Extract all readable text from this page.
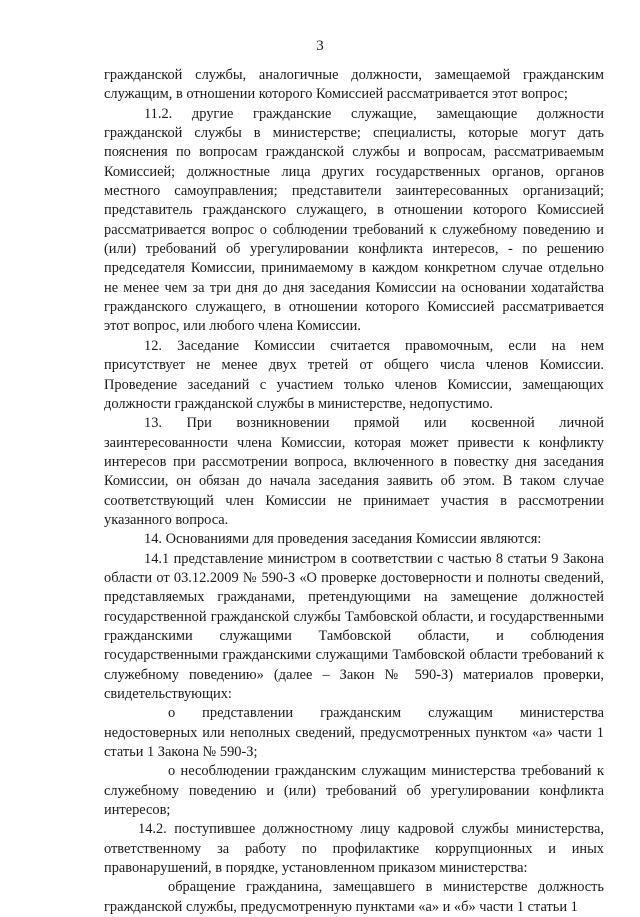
3

гражданской службы, аналогичные должности, замещаемой гражданским служащим, в отношении которого Комиссией рассматривается этот вопрос;

11.2. другие гражданские служащие, замещающие должности гражданской службы в министерстве; специалисты, которые могут дать пояснения по вопросам гражданской службы и вопросам, рассматриваемым Комиссией; должностные лица других государственных органов, органов местного самоуправления; представители заинтересованных организаций; представитель гражданского служащего, в отношении которого Комиссией рассматривается вопрос о соблюдении требований к служебному поведению и (или) требований об урегулировании конфликта интересов, - по решению председателя Комиссии, принимаемому в каждом конкретном случае отдельно не менее чем за три дня до дня заседания Комиссии на основании ходатайства гражданского служащего, в отношении которого Комиссией рассматривается этот вопрос, или любого члена Комиссии.

12. Заседание Комиссии считается правомочным, если на нем присутствует не менее двух третей от общего числа членов Комиссии. Проведение заседаний с участием только членов Комиссии, замещающих должности гражданской службы в министерстве, недопустимо.

13. При возникновении прямой или косвенной личной заинтересованности члена Комиссии, которая может привести к конфликту интересов при рассмотрении вопроса, включенного в повестку дня заседания Комиссии, он обязан до начала заседания заявить об этом. В таком случае соответствующий член Комиссии не принимает участия в рассмотрении указанного вопроса.

14. Основаниями для проведения заседания Комиссии являются:

14.1 представление министром в соответствии с частью 8 статьи 9 Закона области от 03.12.2009 № 590-З «О проверке достоверности и полноты сведений, представляемых гражданами, претендующими на замещение должностей государственной гражданской службы Тамбовской области, и государственными гражданскими служащими Тамбовской области, и соблюдения государственными гражданскими служащими Тамбовской области требований к служебному поведению» (далее – Закон № 590-З) материалов проверки, свидетельствующих:

о представлении гражданским служащим министерства недостоверных или неполных сведений, предусмотренных пунктом «а» части 1 статьи 1 Закона № 590-З;

о несоблюдении гражданским служащим министерства требований к служебному поведению и (или) требований об урегулировании конфликта интересов;

14.2. поступившее должностному лицу кадровой службы министерства, ответственному за работу по профилактике коррупционных и иных правонарушений, в порядке, установленном приказом министерства:

обращение гражданина, замещавшего в министерстве должность гражданской службы, предусмотренную пунктами «а» и «б» части 1 статьи 1
